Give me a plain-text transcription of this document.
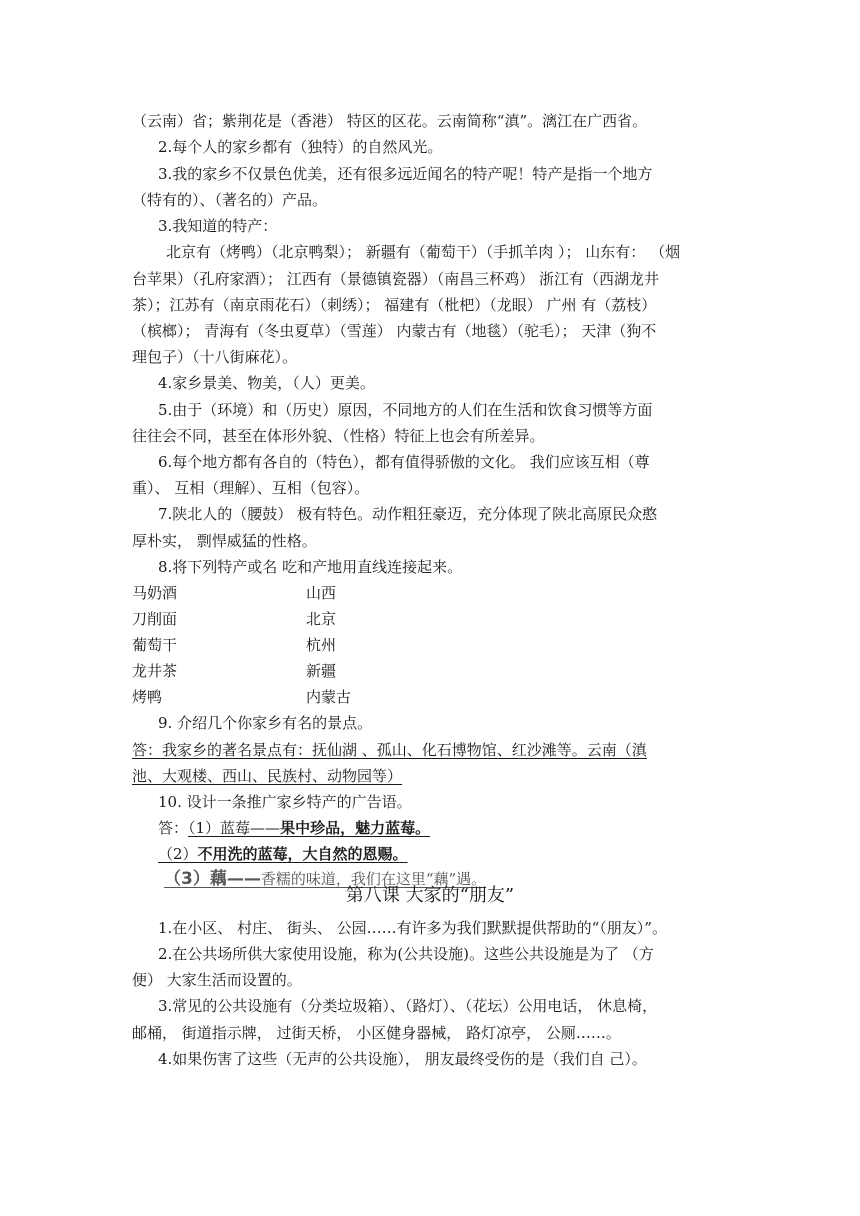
（云南）省；紫荆花是（香港） 特区的区花。云南简称“滇”。漓江在广西省。
2.每个人的家乡都有（独特）的自然风光。
3.我的家乡不仅景色优美，还有很多远近闻名的特产呢！特产是指一个地方
（特有的）、（著名的）产品。
3.我知道的特产：
北京有（烤鸭）（北京鸭梨）； 新疆有（葡萄干）（手抓羊肉 ）； 山东有： （烟
台苹果）（孔府家酒）； 江西有（景德镇瓷器）（南昌三杯鸡） 浙江有（西湖龙井
茶）；江苏有（南京雨花石）（刺绣）； 福建有（枇杷）（龙眼） 广州 有（荔枝）
（槟榔）； 青海有（冬虫夏草）（雪莲） 内蒙古有（地毯）（驼毛）； 天津（狗不
理包子）（十八街麻花）。
4.家乡景美、物美，（人）更美。
5.由于（环境）和（历史）原因，不同地方的人们在生活和饮食习惯等方面
往往会不同，甚至在体形外貌、（性格）特征上也会有所差异。
6.每个地方都有各自的（特色），都有值得骄傲的文化。 我们应该互相（尊
重）、 互相（理解）、互相（包容）。
7.陕北人的（腰鼓） 极有特色。动作粗狂豪迈，充分体现了陕北高原民众憨
厚朴实， 剽悍威猛的性格。
8.将下列特产或名 吃和产地用直线连接起来。
马奶酒	山西
刀削面	北京
葡萄干	杭州
龙井茶	新疆
烤鸭	内蒙古
9. 介绍几个你家乡有名的景点。
答：我家乡的著名景点有：抚仙湖 、孤山、化石博物馆、红沙滩等。云南（滇
池、大观楼、西山、民族村、动物园等）
10. 设计一条推广家乡特产的广告语。
答：（1）蓝莓——果中珍品，魅力蓝莓。
（2）不用洗的蓝莓，大自然的恩赐。
（3）藕——香糯的味道，我们在这里“藕”遇。
第八课 大家的“朋友”
1.在小区、 村庄、 街头、 公园……有许多为我们默默提供帮助的“（朋友）”。
2.在公共场所供大家使用设施，称为(公共设施)。这些公共设施是为了 （方
便） 大家生活而设置的。
3.常见的公共设施有（分类垃圾箱）、（路灯）、（花坛）公用电话， 休息椅，
邮桶， 街道指示牌， 过街天桥， 小区健身器械， 路灯凉亭， 公厕……。
4.如果伤害了这些（无声的公共设施）， 朋友最终受伤的是（我们自 己）。
